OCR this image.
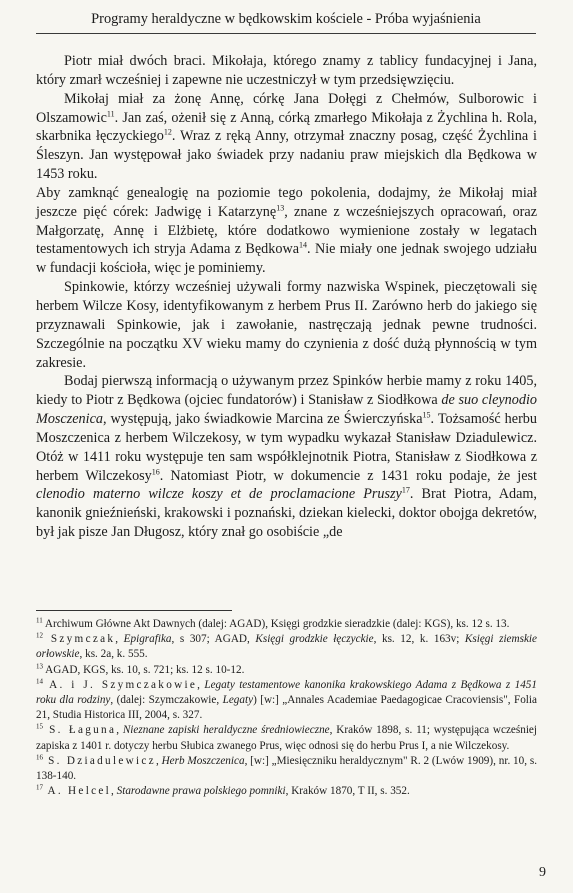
Programy heraldyczne w będkowskim kościele - Próba wyjaśnienia

Piotr miał dwóch braci. Mikołaja, którego znamy z tablicy fundacyjnej i Jana, który zmarł wcześniej i zapewne nie uczestniczył w tym przedsięwzięciu.

Mikołaj miał za żonę Annę, córkę Jana Dołęgi z Chełmów, Sulborowic i Olszamowic$^{11}$. Jan zaś, ożenił się z Anną, córką zmarłego Mikołaja z Żychlina h. Rola, skarbnika łęczyckiego$^{12}$. Wraz z ręką Anny, otrzymał znaczny posag, część Żychlina i Śleszyn. Jan występował jako świadek przy nadaniu praw miejskich dla Będkowa w 1453 roku.

Aby zamknąć genealogię na poziomie tego pokolenia, dodajmy, że Mikołaj miał jeszcze pięć córek: Jadwigę i Katarzynę$^{13}$, znane z wcześniejszych opracowań, oraz Małgorzatę, Annę i Elżbietę, które dodatkowo wymienione zostały w legatach testamentowych ich stryja Adama z Będkowa$^{14}$. Nie miały one jednak swojego udziału w fundacji kościoła, więc je pominiemy.

Spinkowie, którzy wcześniej używali formy nazwiska Wspinek, pieczętowali się herbem Wilcze Kosy, identyfikowanym z herbem Prus II. Zarówno herb do jakiego się przyznawali Spinkowie, jak i zawołanie, nastręczają jednak pewne trudności. Szczególnie na początku XV wieku mamy do czynienia z dość dużą płynnością w tym zakresie.

Bodaj pierwszą informacją o używanym przez Spinków herbie mamy z roku 1405, kiedy to Piotr z Będkowa (ojciec fundatorów) i Stanisław z Siodłkowa de suo cleynodio Mosczenica, występują, jako świadkowie Marcina ze Świerczyńska$^{15}$. Tożsamość herbu Moszczenica z herbem Wilczekosy, w tym wypadku wykazał Stanisław Dziadulewicz. Otóż w 1411 roku występuje ten sam współklejnotnik Piotra, Stanisław z Siodłkowa z herbem Wilczekosy$^{16}$. Natomiast Piotr, w dokumencie z 1431 roku podaje, że jest clenodio materno wilcze koszy et de proclamacione Pruszy$^{17}$. Brat Piotra, Adam, kanonik gnieźnieński, krakowski i poznański, dziekan kielecki, doktor obojga dekretów, był jak pisze Jan Długosz, który znał go osobiście „de

$^{11}$ Archiwum Główne Akt Dawnych (dalej: AGAD), Księgi grodzkie sieradzkie (dalej: KGS), ks. 12 s. 13.

$^{12}$ Szymczak, Epigrafika, s 307; AGAD, Księgi grodzkie łęczyckie, ks. 12, k. 163v; Księgi ziemskie orłowskie, ks. 2a, k. 555.

$^{13}$ AGAD, KGS, ks. 10, s. 721; ks. 12 s. 10-12.

$^{14}$ A. i J. Szymczakowie, Legaty testamentowe kanonika krakowskiego Adama z Będkowa z 1451 roku dla rodziny, (dalej: Szymczakowie, Legaty) [w:] „Annales Academiae Paedagogicae Cracoviensis", Folia 21, Studia Historica III, 2004, s. 327.

$^{15}$ S. Łaguna, Nieznane zapiski heraldyczne średniowieczne, Kraków 1898, s. 11; występująca wcześniej zapiska z 1401 r. dotyczy herbu Słubica zwanego Prus, więc odnosi się do herbu Prus I, a nie Wilczekosy.

$^{16}$ S. Dziadulewicz, Herb Moszczenica, [w:] „Miesięczniku heraldycznym" R. 2 (Lwów 1909), nr. 10, s. 138-140.

$^{17}$ A. Helcel, Starodawne prawa polskiego pomniki, Kraków 1870, T II, s. 352.

9
